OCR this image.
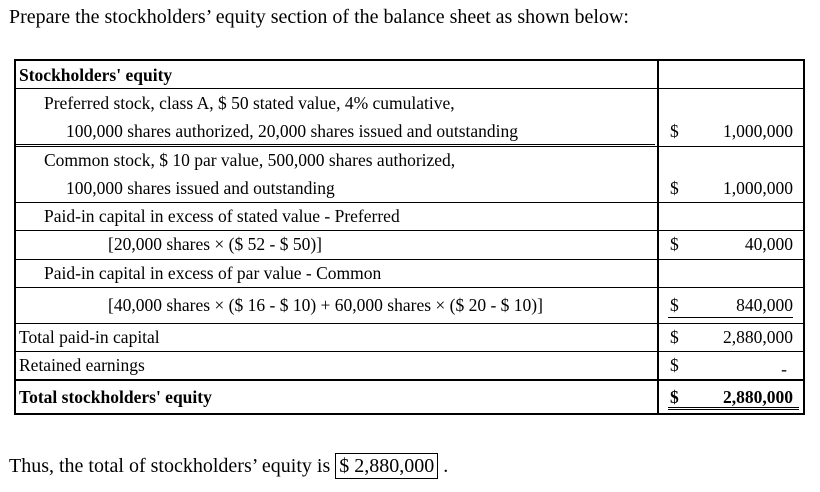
Prepare the stockholders’ equity section of the balance sheet as shown below:
Stockholders' equity
Preferred stock, class A, $ 50 stated value, 4% cumulative,
100,000 shares authorized, 20,000 shares issued and outstanding	$	1,000,000
Common stock, $ 10 par value, 500,000 shares authorized,
100,000 shares issued and outstanding	$	1,000,000
Paid-in capital in excess of stated value - Preferred
[20,000 shares × ($ 52 - $ 50)]	$	40,000
Paid-in capital in excess of par value - Common
[40,000 shares × ($ 16 - $ 10) + 60,000 shares × ($ 20 - $ 10)]	$	840,000
Total paid-in capital	$	2,880,000
Retained earnings	$	-
Total stockholders' equity	$	2,880,000
Thus, the total of stockholders’ equity is $ 2,880,000 .
